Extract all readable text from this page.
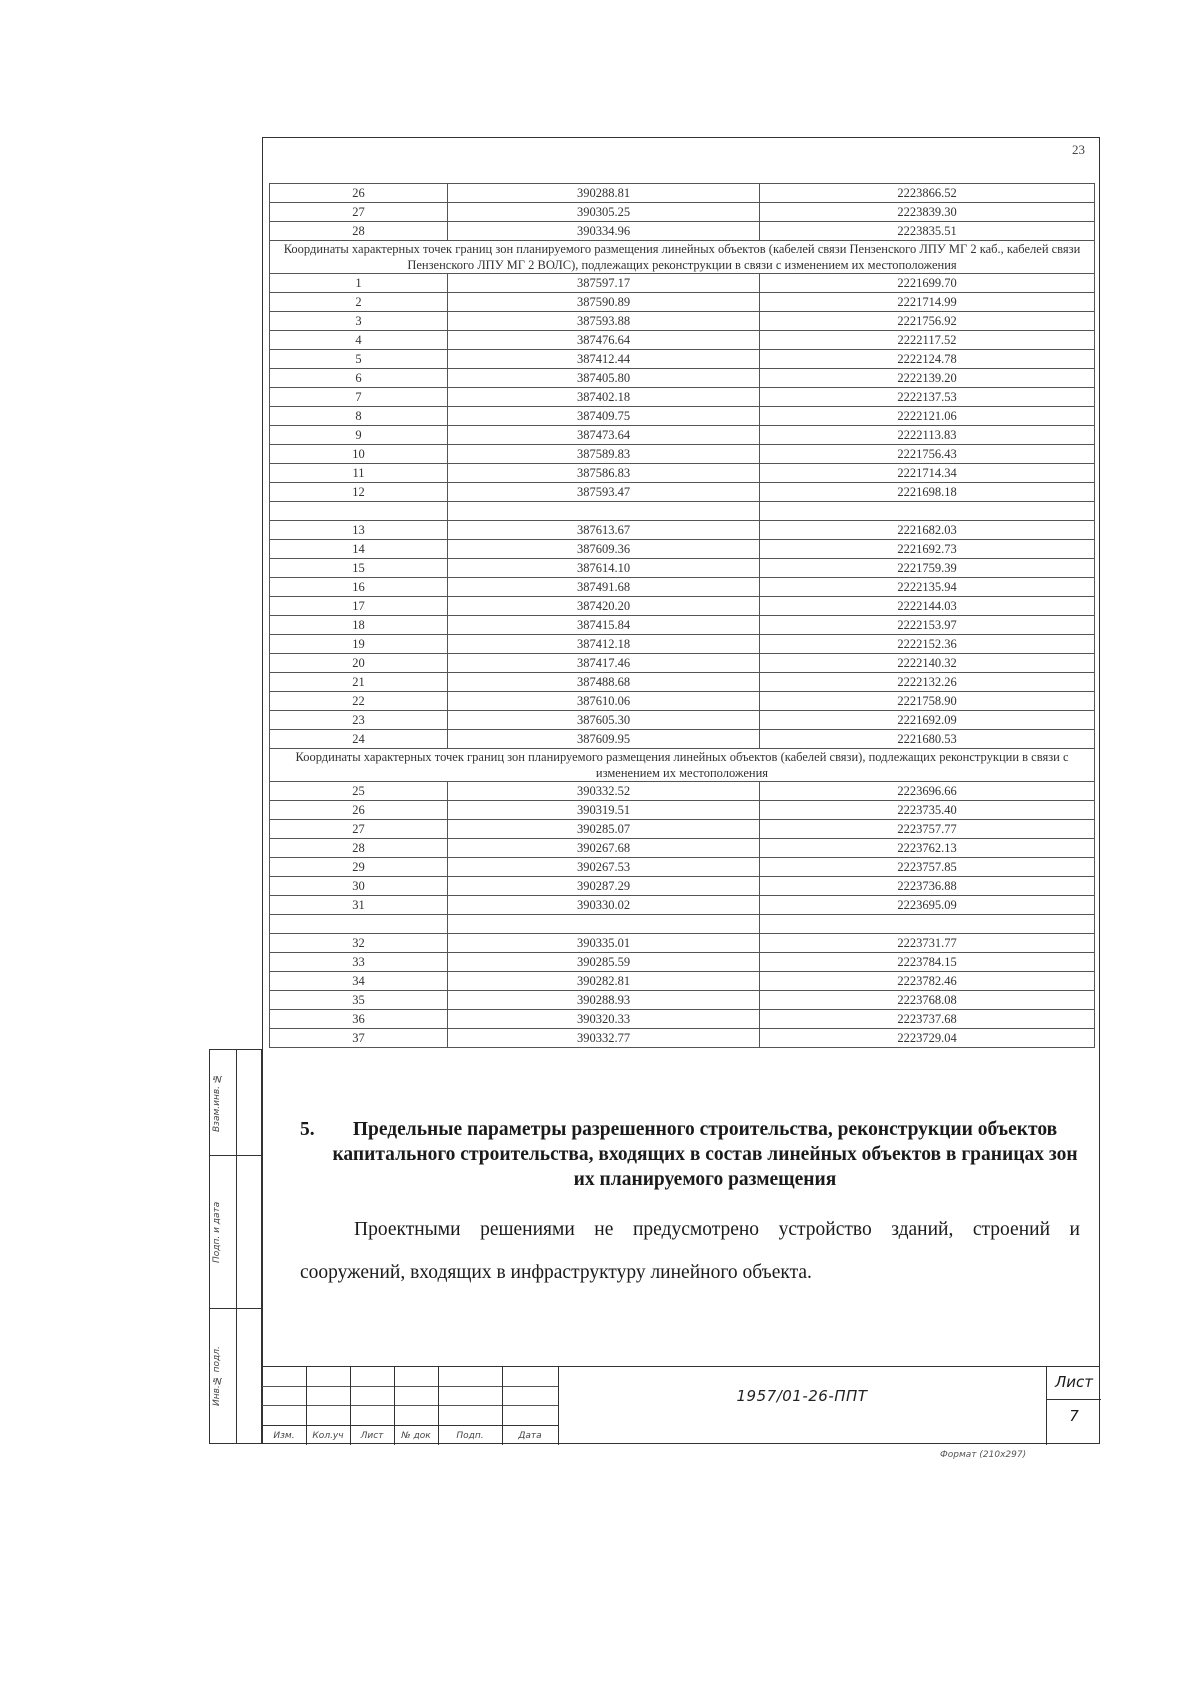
23
26	390288.81	2223866.52
27	390305.25	2223839.30
28	390334.96	2223835.51
Координаты характерных точек границ зон планируемого размещения линейных объектов (кабелей связи Пензенского ЛПУ МГ 2 каб., кабелей связи Пензенского ЛПУ МГ 2 ВОЛС), подлежащих реконструкции в связи с изменением их местоположения		
1	387597.17	2221699.70
2	387590.89	2221714.99
3	387593.88	2221756.92
4	387476.64	2222117.52
5	387412.44	2222124.78
6	387405.80	2222139.20
7	387402.18	2222137.53
8	387409.75	2222121.06
9	387473.64	2222113.83
10	387589.83	2221756.43
11	387586.83	2221714.34
12	387593.47	2221698.18

13	387613.67	2221682.03
14	387609.36	2221692.73
15	387614.10	2221759.39
16	387491.68	2222135.94
17	387420.20	2222144.03
18	387415.84	2222153.97
19	387412.18	2222152.36
20	387417.46	2222140.32
21	387488.68	2222132.26
22	387610.06	2221758.90
23	387605.30	2221692.09
24	387609.95	2221680.53
Координаты характерных точек границ зон планируемого размещения линейных объектов (кабелей связи), подлежащих реконструкции в связи с изменением их местоположения		
25	390332.52	2223696.66
26	390319.51	2223735.40
27	390285.07	2223757.77
28	390267.68	2223762.13
29	390267.53	2223757.85
30	390287.29	2223736.88
31	390330.02	2223695.09

32	390335.01	2223731.77
33	390285.59	2223784.15
34	390282.81	2223782.46
35	390288.93	2223768.08
36	390320.33	2223737.68
37	390332.77	2223729.04
5.	Предельные параметры разрешенного строительства, реконструкции объектов капитального строительства, входящих в состав линейных объектов в границах зон их планируемого размещения
Проектными решениями не предусмотрено устройство зданий, строений и сооружений, входящих в инфраструктуру линейного объекта.
Взам.инв. №
Подп. и дата
Инв.№ подл.
Изм.	Кол.уч	Лист	№ док	Подп.	Дата
1957/01-26-ППТ
Лист
7
Формат (210х297)
